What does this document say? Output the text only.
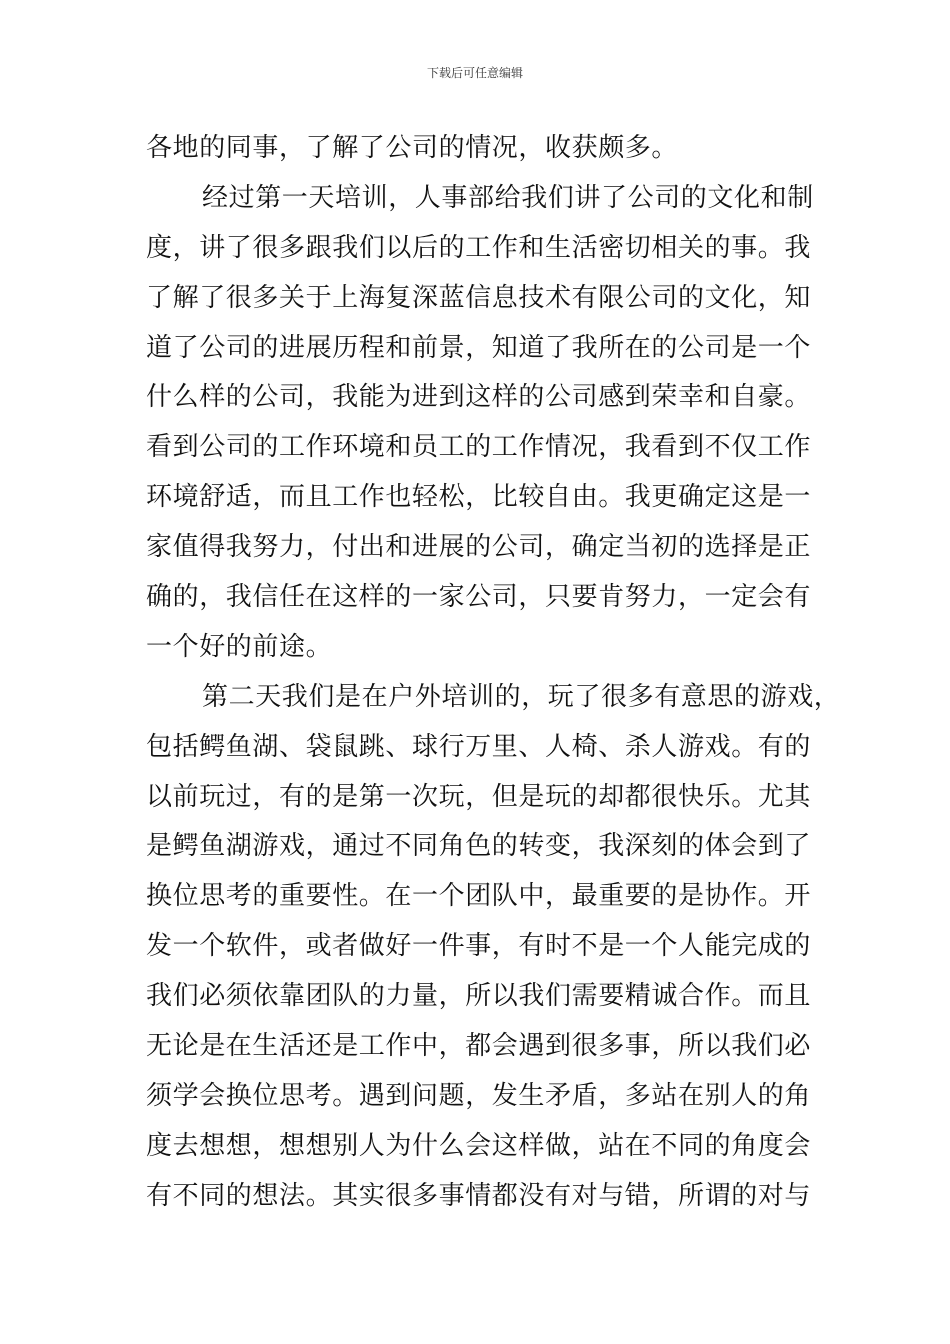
下载后可任意编辑
各地的同事，了解了公司的情况，收获颇多。
经过第一天培训，人事部给我们讲了公司的文化和制
度，讲了很多跟我们以后的工作和生活密切相关的事。我
了解了很多关于上海复深蓝信息技术有限公司的文化，知
道了公司的进展历程和前景，知道了我所在的公司是一个
什么样的公司，我能为进到这样的公司感到荣幸和自豪。
看到公司的工作环境和员工的工作情况，我看到不仅工作
环境舒适，而且工作也轻松，比较自由。我更确定这是一
家值得我努力，付出和进展的公司，确定当初的选择是正
确的，我信任在这样的一家公司，只要肯努力，一定会有
一个好的前途。
第二天我们是在户外培训的，玩了很多有意思的游戏，
包括鳄鱼湖、袋鼠跳、球行万里、人椅、杀人游戏。有的
以前玩过，有的是第一次玩，但是玩的却都很快乐。尤其
是鳄鱼湖游戏，通过不同角色的转变，我深刻的体会到了
换位思考的重要性。在一个团队中，最重要的是协作。开
发一个软件，或者做好一件事，有时不是一个人能完成的
我们必须依靠团队的力量，所以我们需要精诚合作。而且
无论是在生活还是工作中，都会遇到很多事，所以我们必
须学会换位思考。遇到问题，发生矛盾，多站在别人的角
度去想想，想想别人为什么会这样做，站在不同的角度会
有不同的想法。其实很多事情都没有对与错，所谓的对与
